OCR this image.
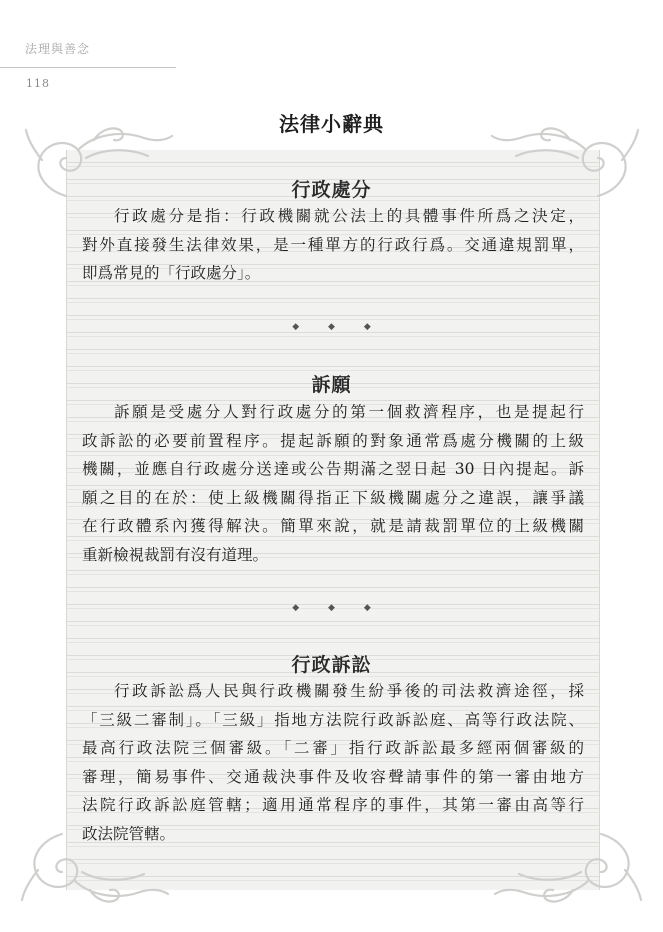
法理與善念
118
法律小辭典
行政處分
行政處分是指：行政機關就公法上的具體事件所爲之決定，
對外直接發生法律效果，是一種單方的行政行爲。交通違規罰單，
即爲常見的「行政處分」。
◆	◆	◆
訴願
訴願是受處分人對行政處分的第一個救濟程序，也是提起行
政訴訟的必要前置程序。提起訴願的對象通常爲處分機關的上級
機關，並應自行政處分送達或公告期滿之翌日起 30 日內提起。訴
願之目的在於：使上級機關得指正下級機關處分之違誤，讓爭議
在行政體系內獲得解決。簡單來說，就是請裁罰單位的上級機關
重新檢視裁罰有沒有道理。
◆	◆	◆
行政訴訟
行政訴訟爲人民與行政機關發生紛爭後的司法救濟途徑，採
「三級二審制」。「三級」指地方法院行政訴訟庭、高等行政法院、
最高行政法院三個審級。「二審」指行政訴訟最多經兩個審級的
審理，簡易事件、交通裁決事件及收容聲請事件的第一審由地方
法院行政訴訟庭管轄；適用通常程序的事件，其第一審由高等行
政法院管轄。
